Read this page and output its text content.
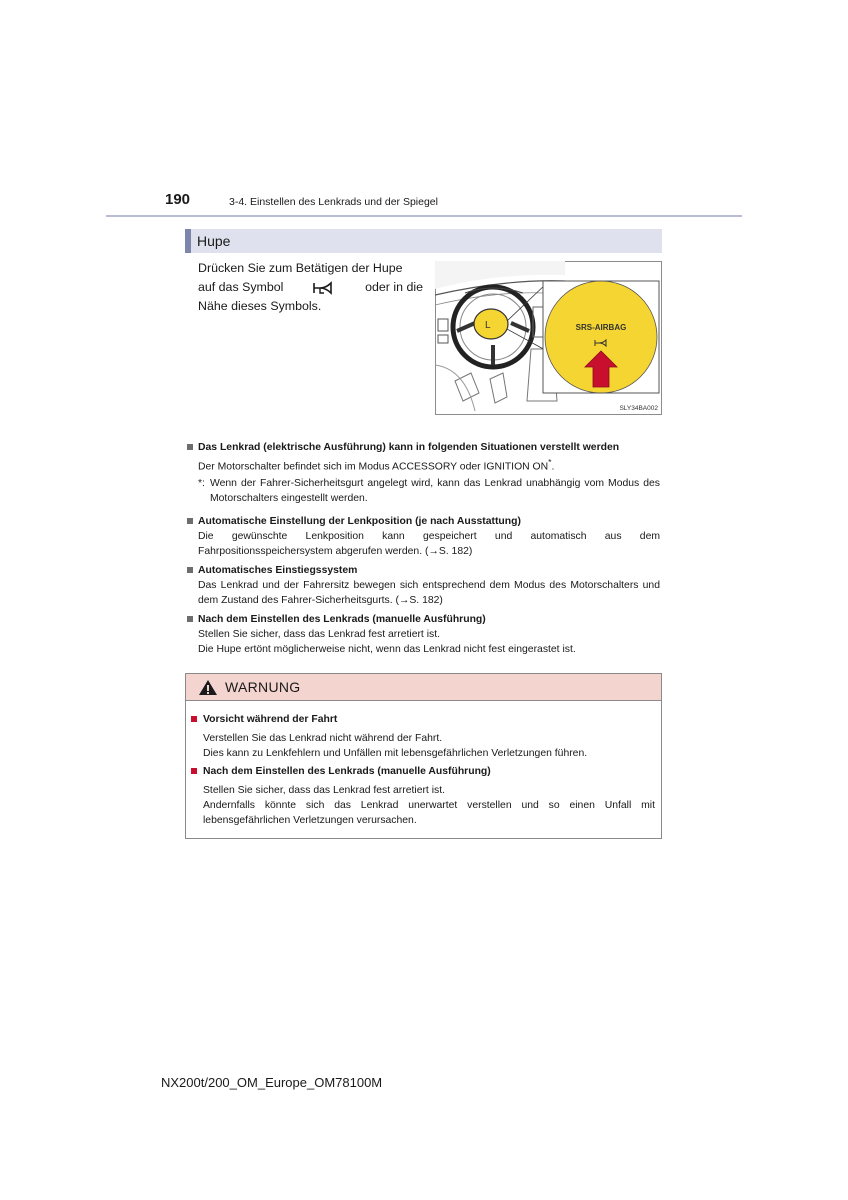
190	3-4. Einstellen des Lenkrads und der Spiegel
Hupe
Drücken Sie zum Betätigen der Hupe
auf das Symbol	oder in die
Nähe dieses Symbols.
L	SRS-AIRBAG
SLY34BA002
Das Lenkrad (elektrische Ausführung) kann in folgenden Situationen verstellt werden
Der Motorschalter befindet sich im Modus ACCESSORY oder IGNITION ON*.
*: Wenn der Fahrer-Sicherheitsgurt angelegt wird, kann das Lenkrad unabhängig vom Modus des Motorschalters eingestellt werden.
Automatische Einstellung der Lenkposition (je nach Ausstattung)
Die gewünschte Lenkposition kann gespeichert und automatisch aus dem Fahrpositionsspeichersystem abgerufen werden. (→S. 182)
Automatisches Einstiegssystem
Das Lenkrad und der Fahrersitz bewegen sich entsprechend dem Modus des Motorschalters und dem Zustand des Fahrer-Sicherheitsgurts. (→S. 182)
Nach dem Einstellen des Lenkrads (manuelle Ausführung)
Stellen Sie sicher, dass das Lenkrad fest arretiert ist.
Die Hupe ertönt möglicherweise nicht, wenn das Lenkrad nicht fest eingerastet ist.
WARNUNG
Vorsicht während der Fahrt
Verstellen Sie das Lenkrad nicht während der Fahrt.
Dies kann zu Lenkfehlern und Unfällen mit lebensgefährlichen Verletzungen führen.
Nach dem Einstellen des Lenkrads (manuelle Ausführung)
Stellen Sie sicher, dass das Lenkrad fest arretiert ist.
Andernfalls könnte sich das Lenkrad unerwartet verstellen und so einen Unfall mit lebensgefährlichen Verletzungen verursachen.
NX200t/200_OM_Europe_OM78100M
